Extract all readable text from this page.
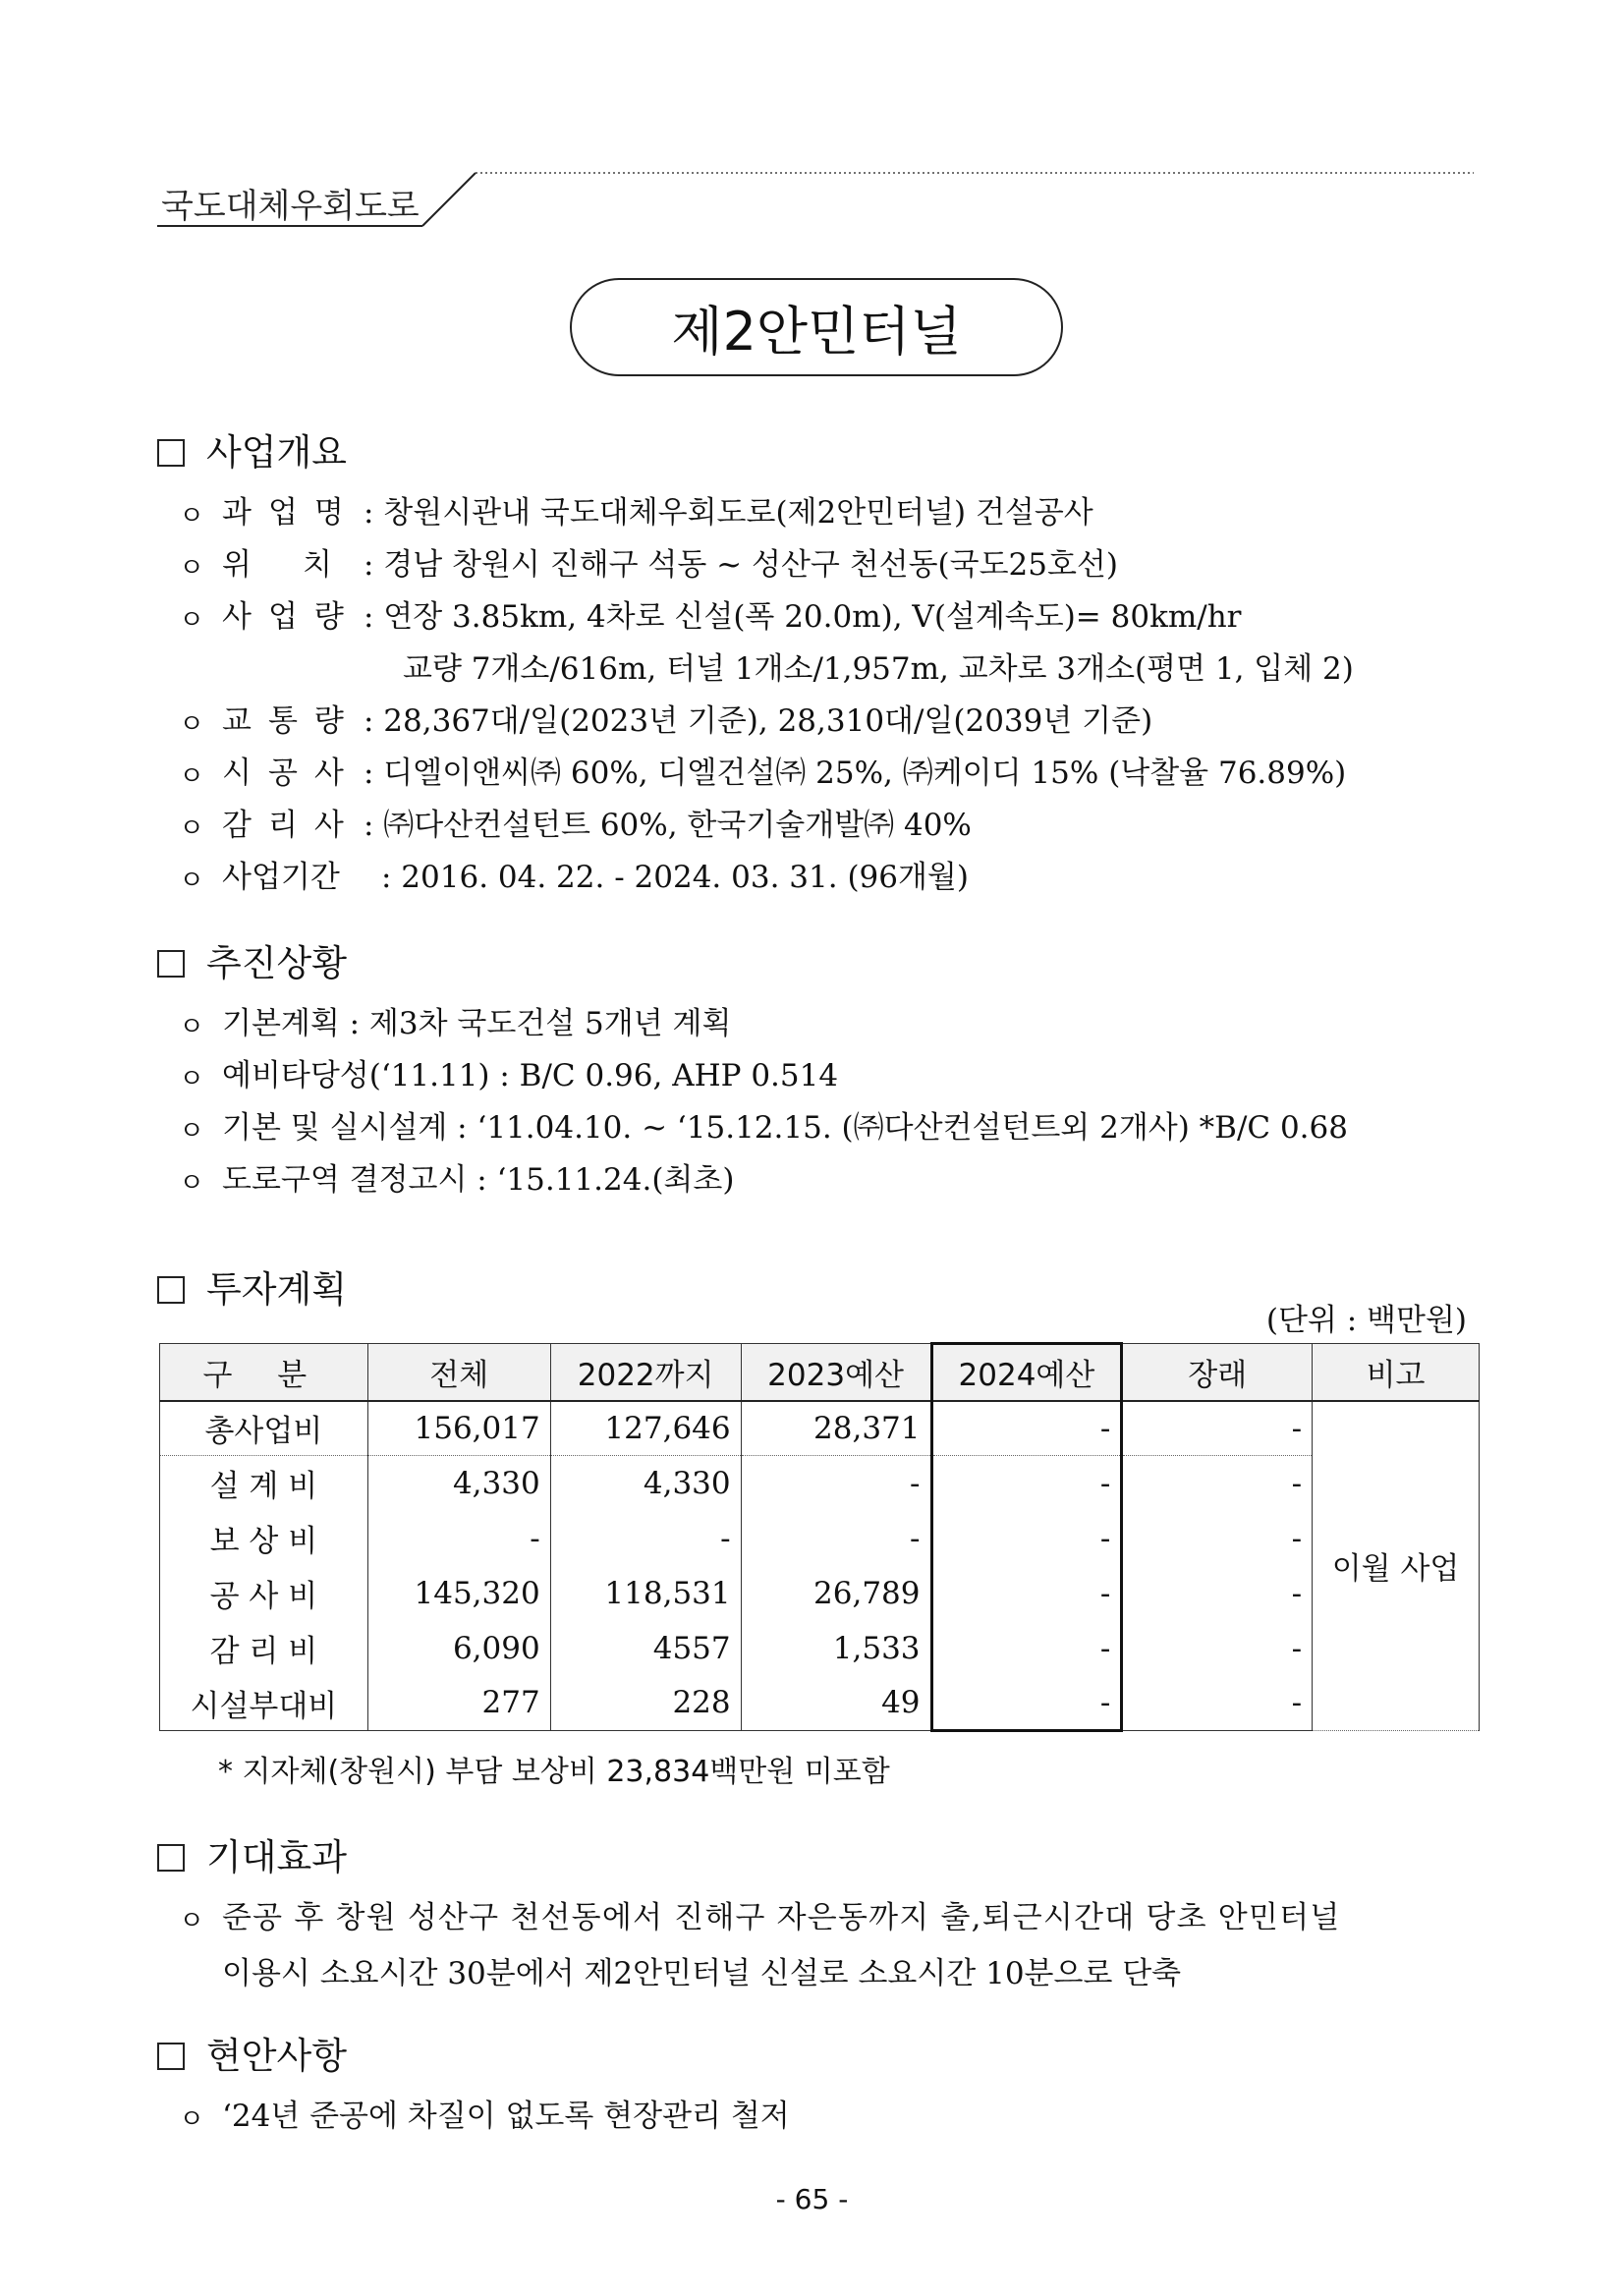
국도대체우회도로
제2안민터널
사업개요
ㅇ 과업명 : 창원시관내 국도대체우회도로(제2안민터널) 건설공사
ㅇ 위치
: 경남 창원시 진해구 석동 ~ 성산구 천선동(국도25호선)
ㅇ 사업량 : 연장 3.85km, 4차로 신설(폭 20.0m), V(설계속도)= 80km/hr
교량 7개소/616m, 터널 1개소/1,957m, 교차로 3개소(평면 1, 입체 2)
ㅇ 교통량 : 28,367대/일(2023년 기준), 28,310대/일(2039년 기준)
ㅇ 시공사 : 디엘이앤씨㈜ 60%, 디엘건설㈜ 25%, ㈜케이디 15% (낙찰율 76.89%)
ㅇ 감리사 : ㈜다산컨설턴트 60%, 한국기술개발㈜ 40%
ㅇ 사업기간 : 2016. 04. 22. - 2024. 03. 31. (96개월)
추진상황
ㅇ 기본계획 : 제3차 국도건설 5개년 계획
ㅇ 예비타당성(‘11.11) : B/C 0.96, AHP 0.514
ㅇ 기본 및 실시설계 : ‘11.04.10. ~ ‘15.12.15. (㈜다산컨설턴트외 2개사) *B/C 0.68
ㅇ 도로구역 결정고시 : ‘15.11.24.(최초)
투자계획
(단위 : 백만원)
구 분	전체	2022까지	2023예산	2024예산	장래	비고
총사업비	156,017	127,646	28,371	-	-	이월 사업
설 계 비	4,330	4,330	-	-	-	
보 상 비	-	-	-	-	-	
공 사 비	145,320	118,531	26,789	-	-	
감 리 비	6,090	4557	1,533	-	-	
시설부대비	277	228	49	-	-	
* 지자체(창원시) 부담 보상비 23,834백만원 미포함
기대효과
ㅇ 준공 후 창원 성산구 천선동에서 진해구 자은동까지 출,퇴근시간대 당초 안민터널
이용시 소요시간 30분에서 제2안민터널 신설로 소요시간 10분으로 단축
현안사항
ㅇ ‘24년 준공에 차질이 없도록 현장관리 철저
- 65 -
